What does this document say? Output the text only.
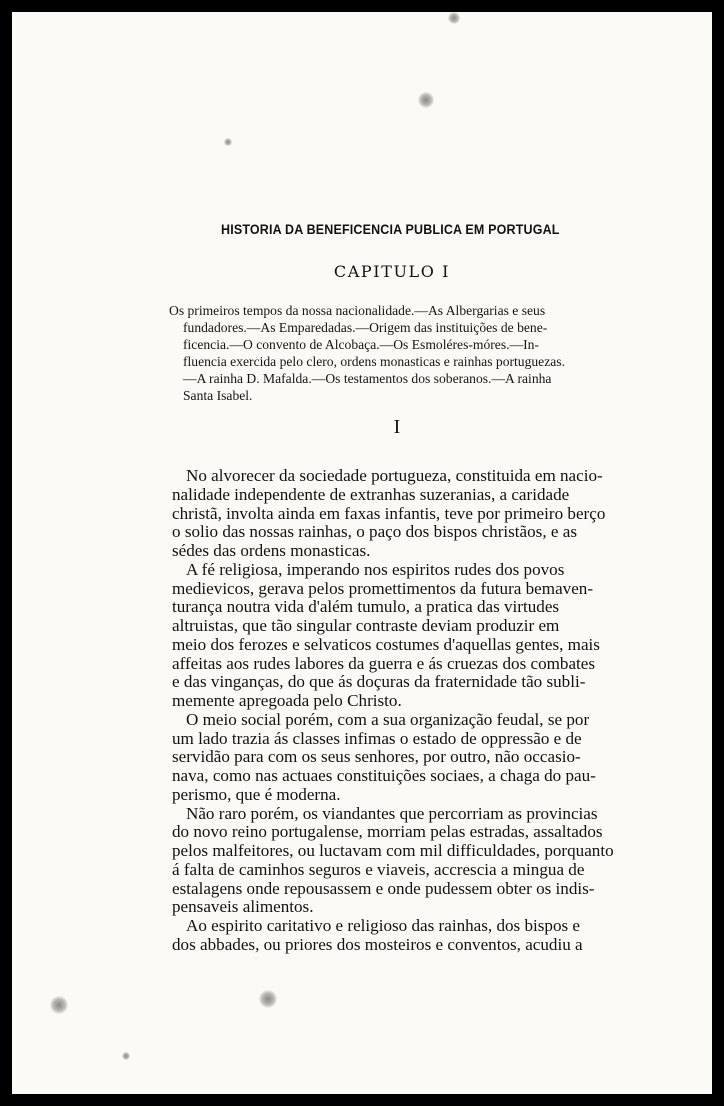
HISTORIA DA BENEFICENCIA PUBLICA EM PORTUGAL
CAPITULO I
Os primeiros tempos da nossa nacionalidade.—As Albergarias e seus
fundadores.—As Emparedadas.—Origem das instituições de bene-
ficencia.—O convento de Alcobaça.—Os Esmoléres-móres.—In-
fluencia exercida pelo clero, ordens monasticas e rainhas portuguezas.
—A rainha D. Mafalda.—Os testamentos dos soberanos.—A rainha
Santa Isabel.
I
No alvorecer da sociedade portugueza, constituida em nacio-
nalidade independente de extranhas suzeranias, a caridade
christã, involta ainda em faxas infantis, teve por primeiro berço
o solio das nossas rainhas, o paço dos bispos christãos, e as
sédes das ordens monasticas.
A fé religiosa, imperando nos espiritos rudes dos povos
medievicos, gerava pelos promettimentos da futura bemaven-
turança noutra vida d'além tumulo, a pratica das virtudes
altruistas, que tão singular contraste deviam produzir em
meio dos ferozes e selvaticos costumes d'aquellas gentes, mais
affeitas aos rudes labores da guerra e ás cruezas dos combates
e das vinganças, do que ás doçuras da fraternidade tão subli-
memente apregoada pelo Christo.
O meio social porém, com a sua organização feudal, se por
um lado trazia ás classes infimas o estado de oppressão e de
servidão para com os seus senhores, por outro, não occasio-
nava, como nas actuaes constituições sociaes, a chaga do pau-
perismo, que é moderna.
Não raro porém, os viandantes que percorriam as provincias
do novo reino portugalense, morriam pelas estradas, assaltados
pelos malfeitores, ou luctavam com mil difficuldades, porquanto
á falta de caminhos seguros e viaveis, accrescia a mingua de
estalagens onde repousassem e onde pudessem obter os indis-
pensaveis alimentos.
Ao espirito caritativo e religioso das rainhas, dos bispos e
dos abbades, ou priores dos mosteiros e conventos, acudiu a
